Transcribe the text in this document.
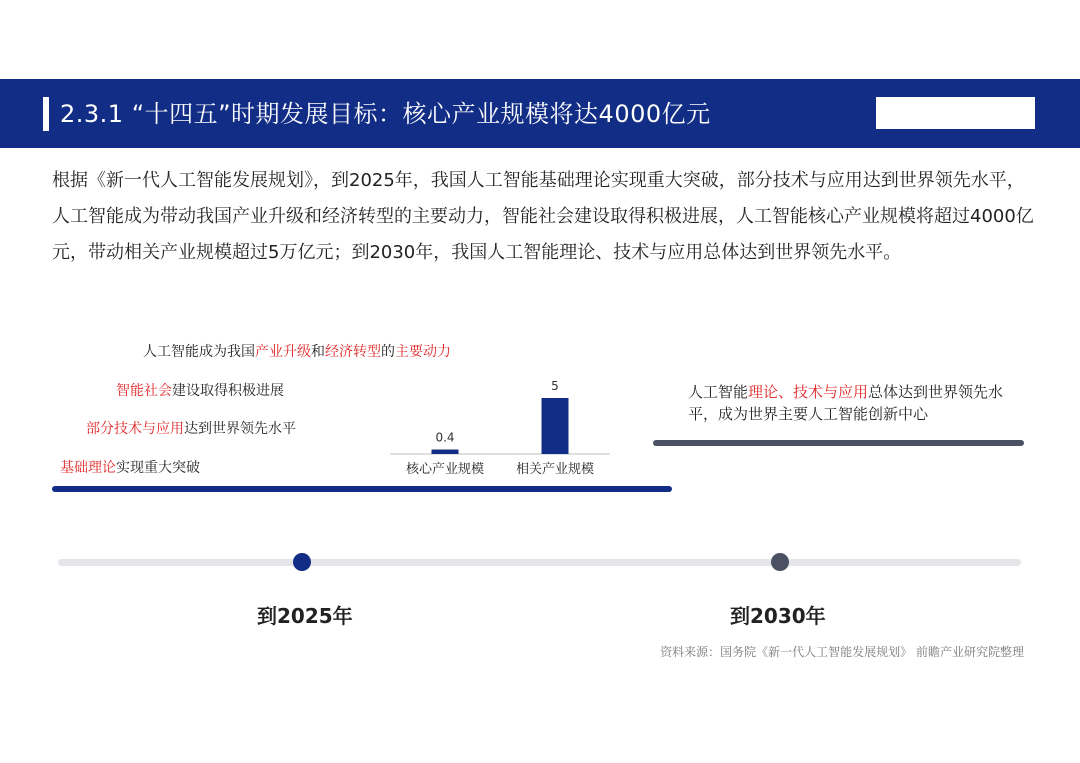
2.3.1 “十四五”时期发展目标：核心产业规模将达4000亿元
根据《新一代人工智能发展规划》，到2025年，我国人工智能基础理论实现重大突破，部分技术与应用达到世界领先水平，人工智能成为带动我国产业升级和经济转型的主要动力，智能社会建设取得积极进展，人工智能核心产业规模将超过4000亿元，带动相关产业规模超过5万亿元；到2030年，我国人工智能理论、技术与应用总体达到世界领先水平。
人工智能成为我国产业升级和经济转型的主要动力
智能社会建设取得积极进展
部分技术与应用达到世界领先水平
基础理论实现重大突破
0.4
核心产业规模
5
相关产业规模
人工智能理论、技术与应用总体达到世界领先水平，成为世界主要人工智能创新中心
到2025年	到2030年
资料来源：国务院《新一代人工智能发展规划》 前瞻产业研究院整理
